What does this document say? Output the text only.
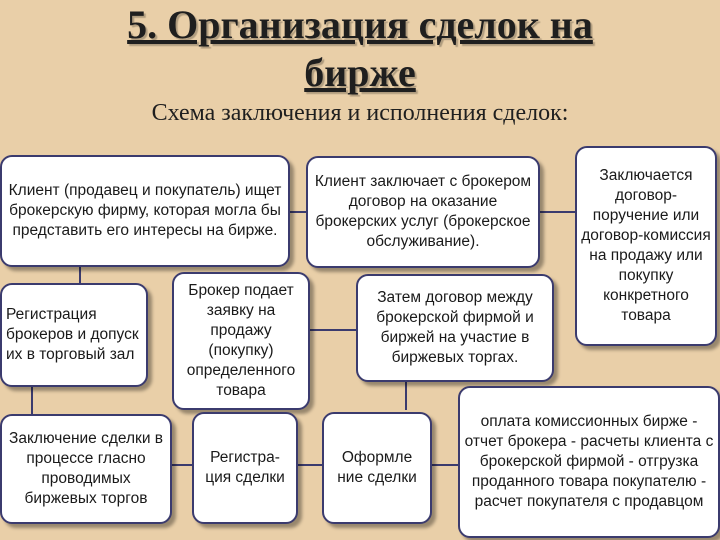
5. Организация сделок на
бирже
Схема заключения и исполнения сделок:
Клиент (продавец и покупатель) ищет брокерскую фирму, которая могла бы представить его интересы на бирже.
Клиент заключает с брокером договор на оказание брокерских услуг (брокерское обслуживание).
Заключается договор-поручение или договор-комиссия на продажу или покупку конкретного товара
Регистрация брокеров и допуск их в торговый зал
Брокер подает заявку на продажу (покупку) определенного товара
Затем договор между брокерской фирмой и биржей на участие в биржевых торгах.
Заключение сделки в процессе гласно проводимых биржевых торгов
Регистра-ция сделки
Оформле ние сделки
оплата комиссионных бирже - отчет брокера - расчеты клиента с брокерской фирмой - отгрузка проданного товара покупателю - расчет покупателя с продавцом
